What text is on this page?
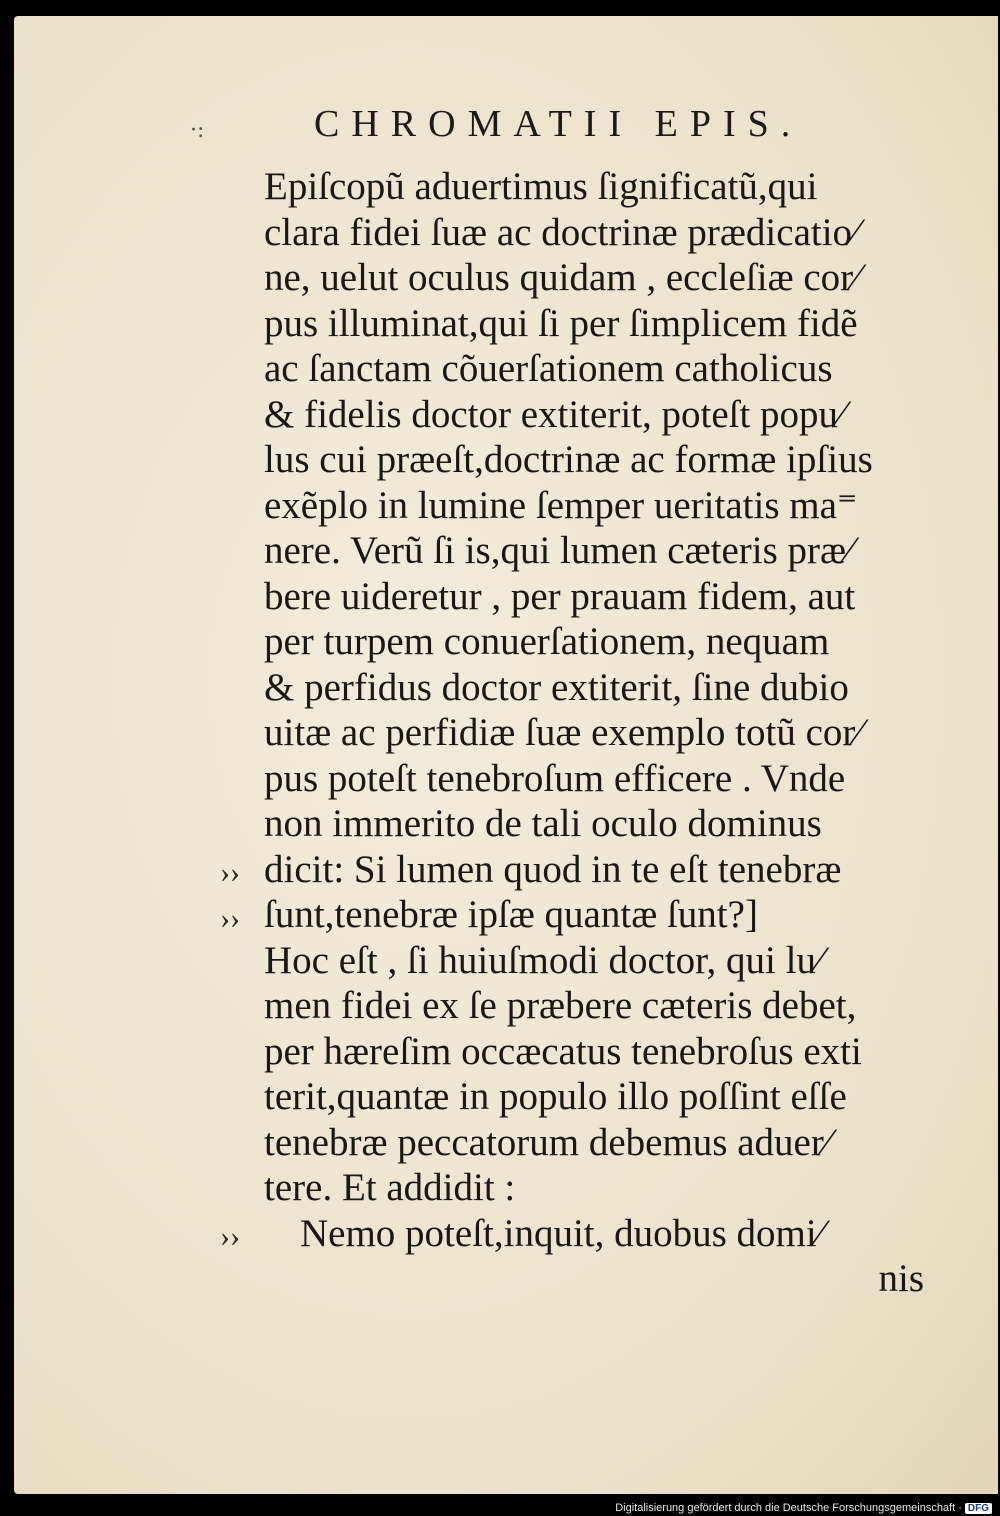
·:	CHROMATII EPIS.
Epiſcopũ aduertimus ſignificatũ,qui
clara fidei ſuæ ac doctrinæ prædicatio⁄
ne, uelut oculus quidam , eccleſiæ cor⁄
pus illuminat,qui ſi per ſimplicem fidẽ
ac ſanctam cõuerſationem catholicus
& fidelis doctor extiterit, poteſt popu⁄
lus cui præeſt,doctrinæ ac formæ ipſius
exẽplo in lumine ſemper ueritatis ma⁼
nere. Verũ ſi is,qui lumen cæteris præ⁄
bere uideretur , per prauam fidem, aut
per turpem conuerſationem, nequam
& perfidus doctor extiterit, ſine dubio
uitæ ac perfidiæ ſuæ exemplo totũ cor⁄
pus poteſt tenebroſum efficere . Vnde
non immerito de tali oculo dominus
dicit: Si lumen quod in te eſt tenebræ
ſunt,tenebræ ipſæ quantæ ſunt?]
Hoc eſt , ſi huiuſmodi doctor, qui lu⁄
men fidei ex ſe præbere cæteris debet,
per hæreſim occæcatus tenebroſus exti
terit,quantæ in populo illo poſſint eſſe
tenebræ peccatorum debemus aduer⁄
tere. Et addidit :
Nemo poteſt,inquit, duobus domi⁄
nis
››
››
››
Digitalisierung gefördert durch die Deutsche Forschungsgemeinschaft · DFG
